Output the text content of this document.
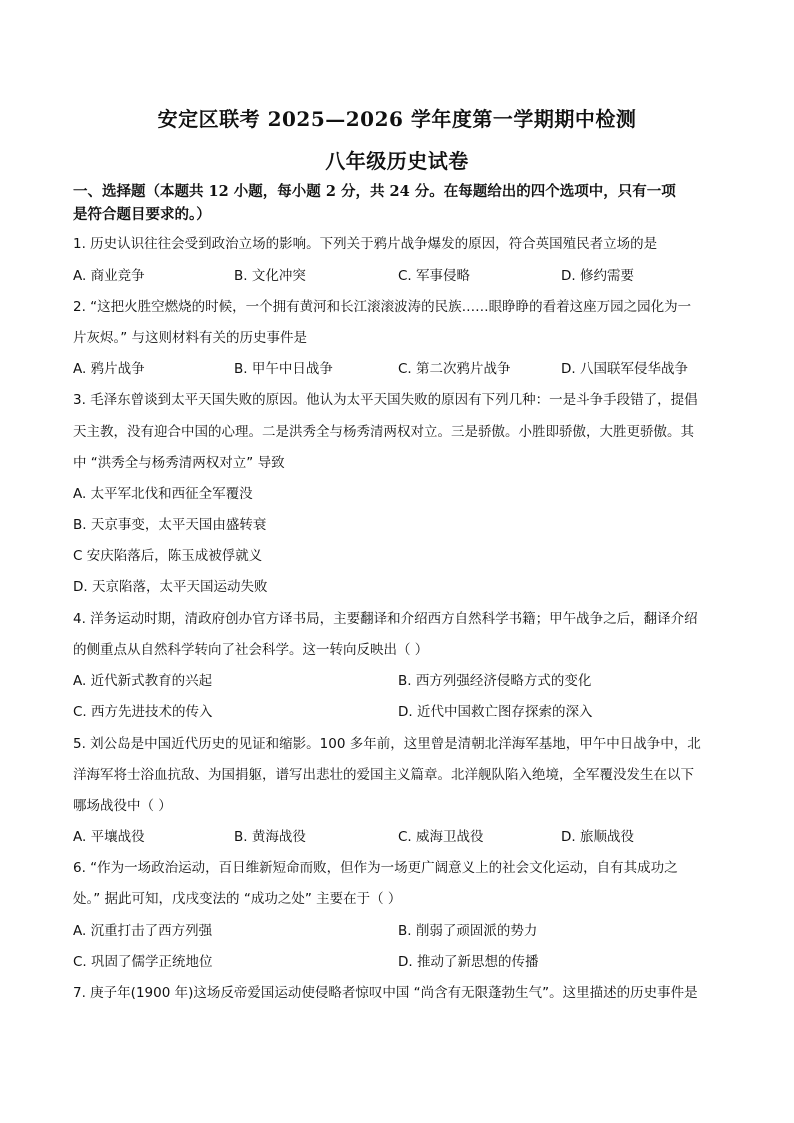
安定区联考 2025—2026 学年度第一学期期中检测
八年级历史试卷
一、选择题（本题共 12 小题，每小题 2 分，共 24 分。在每题给出的四个选项中，只有一项
是符合题目要求的。）
1. 历史认识往往会受到政治立场的影响。下列关于鸦片战争爆发的原因，符合英国殖民者立场的是
A. 商业竞争	B. 文化冲突	C. 军事侵略	D. 修约需要
2. “这把火胜空燃烧的时候，一个拥有黄河和长江滚滚波涛的民族……眼睁睁的看着这座万园之园化为一
片灰烬。” 与这则材料有关的历史事件是
A. 鸦片战争	B. 甲午中日战争	C. 第二次鸦片战争	D. 八国联军侵华战争
3. 毛泽东曾谈到太平天国失败的原因。他认为太平天国失败的原因有下列几种：一是斗争手段错了，提倡
天主教，没有迎合中国的心理。二是洪秀全与杨秀清两权对立。三是骄傲。小胜即骄傲，大胜更骄傲。其
中 “洪秀全与杨秀清两权对立” 导致
A. 太平军北伐和西征全军覆没
B. 天京事变，太平天国由盛转衰
C 安庆陷落后，陈玉成被俘就义
D. 天京陷落，太平天国运动失败
4. 洋务运动时期，清政府创办官方译书局，主要翻译和介绍西方自然科学书籍；甲午战争之后，翻译介绍
的侧重点从自然科学转向了社会科学。这一转向反映出（ ）
A. 近代新式教育的兴起	B. 西方列强经济侵略方式的变化
C. 西方先进技术的传入	D. 近代中国救亡图存探索的深入
5. 刘公岛是中国近代历史的见证和缩影。100 多年前，这里曾是清朝北洋海军基地，甲午中日战争中，北
洋海军将士浴血抗敌、为国捐躯，谱写出悲壮的爱国主义篇章。北洋舰队陷入绝境，全军覆没发生在以下
哪场战役中（ ）
A. 平壤战役	B. 黄海战役	C. 威海卫战役	D. 旅顺战役
6. “作为一场政治运动，百日维新短命而败，但作为一场更广阔意义上的社会文化运动，自有其成功之
处。” 据此可知，戊戌变法的 “成功之处” 主要在于（ ）
A. 沉重打击了西方列强	B. 削弱了顽固派的势力
C. 巩固了儒学正统地位	D. 推动了新思想的传播
7. 庚子年(1900 年)这场反帝爱国运动使侵略者惊叹中国 “尚含有无限蓬勃生气”。这里描述的历史事件是
